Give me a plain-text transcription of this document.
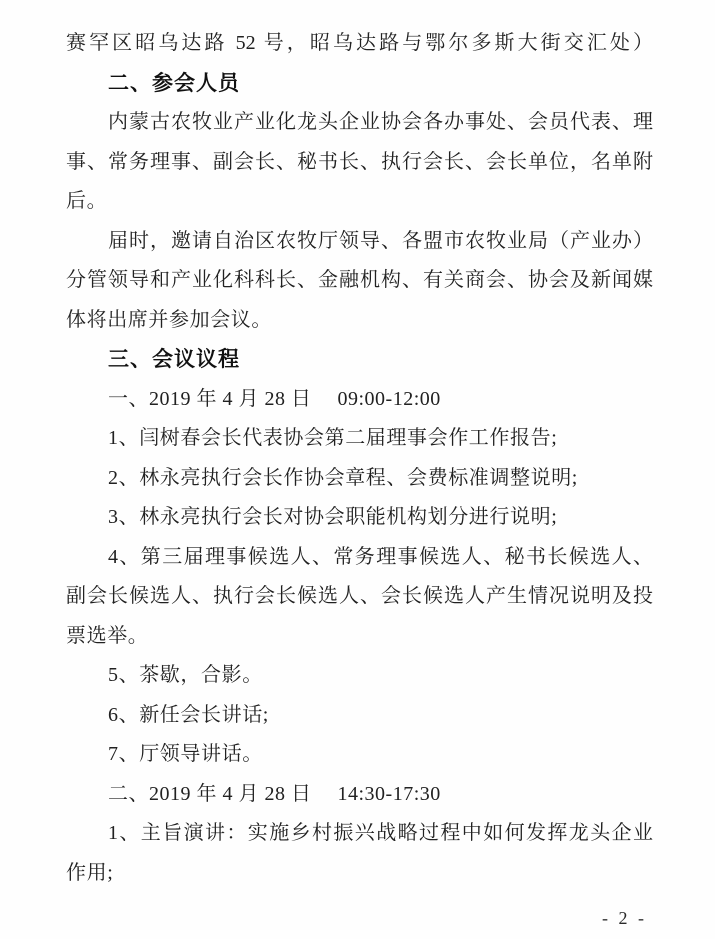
赛罕区昭乌达路 52 号，昭乌达路与鄂尔多斯大街交汇处）
二、参会人员
内蒙古农牧业产业化龙头企业协会各办事处、会员代表、理
事、常务理事、副会长、秘书长、执行会长、会长单位，名单附
后。
届时，邀请自治区农牧厅领导、各盟市农牧业局（产业办）
分管领导和产业化科科长、金融机构、有关商会、协会及新闻媒
体将出席并参加会议。
三、会议议程
一、2019 年 4 月 28 日　 09:00-12:00
1、闫树春会长代表协会第二届理事会作工作报告;
2、林永亮执行会长作协会章程、会费标准调整说明;
3、林永亮执行会长对协会职能机构划分进行说明;
4、第三届理事候选人、常务理事候选人、秘书长候选人、
副会长候选人、执行会长候选人、会长候选人产生情况说明及投
票选举。
5、茶歇，合影。
6、新任会长讲话;
7、厅领导讲话。
二、2019 年 4 月 28 日　 14:30-17:30
1、主旨演讲：实施乡村振兴战略过程中如何发挥龙头企业
作用;
- 2 -
